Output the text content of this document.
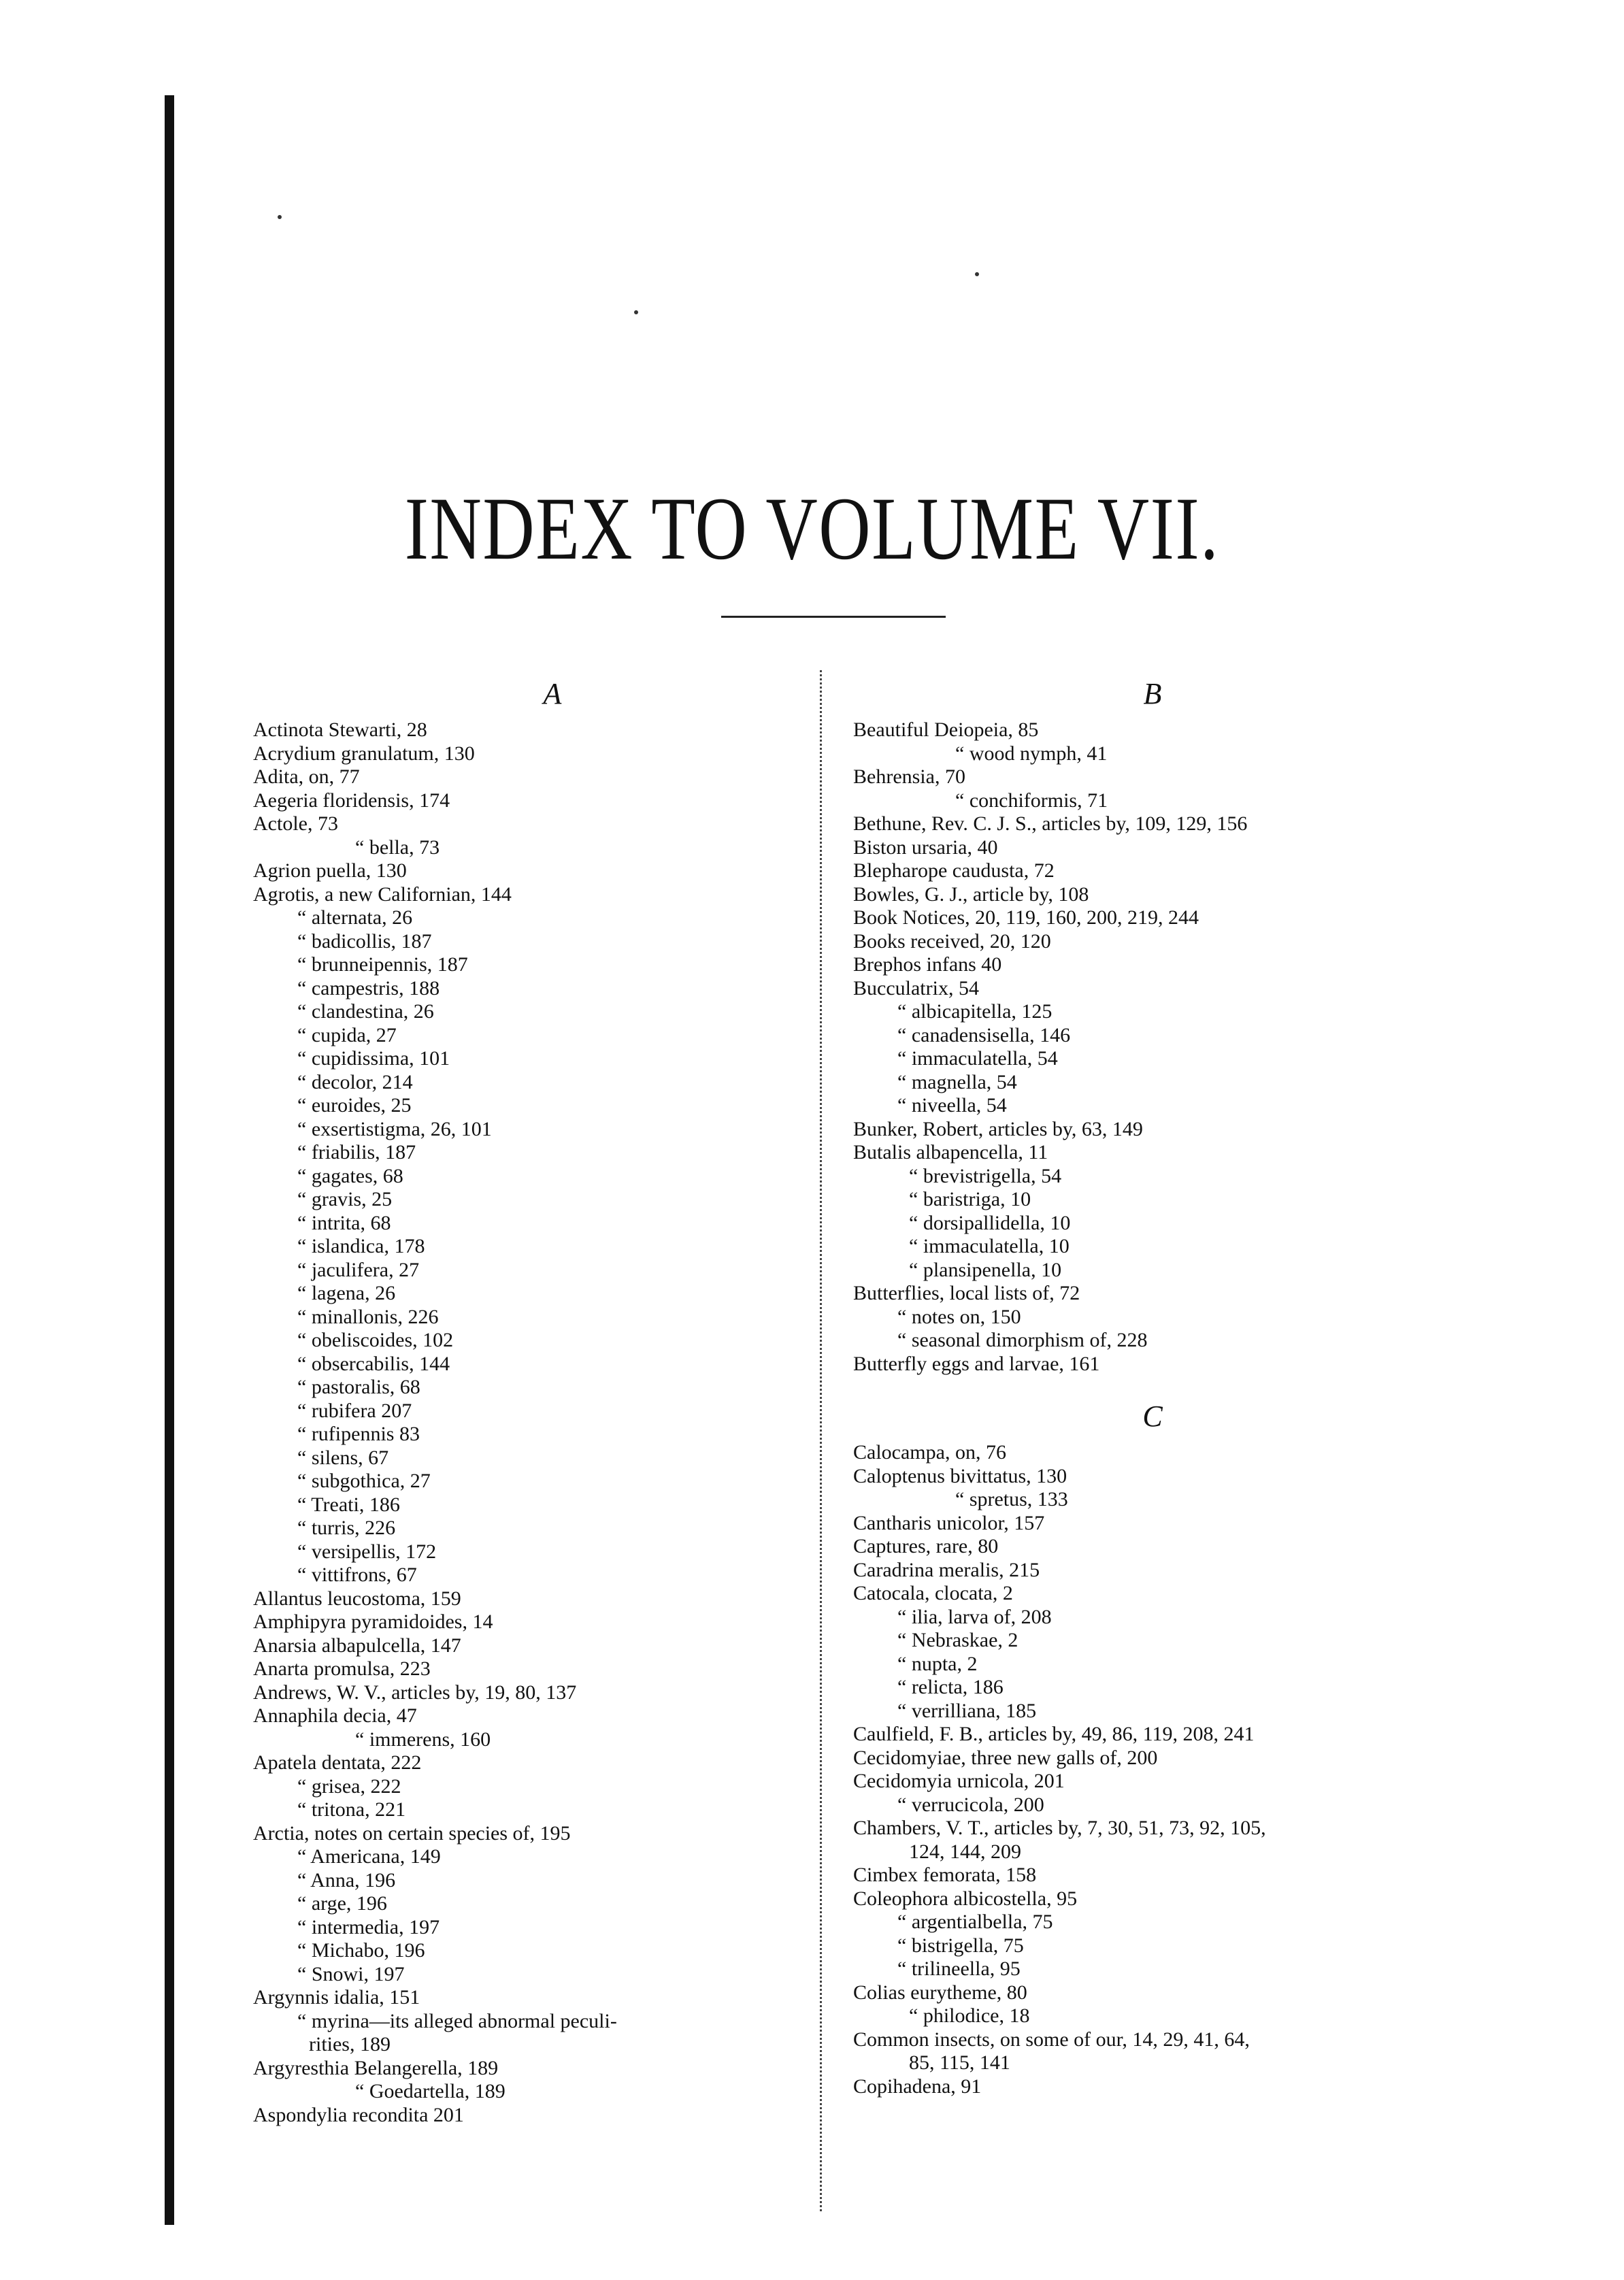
INDEX TO VOLUME VII.
A
Actinota Stewarti, 28
Acrydium granulatum, 130
Adita, on, 77
Aegeria floridensis, 174
Actole, 73
“ bella, 73
Agrion puella, 130
Agrotis, a new Californian, 144
“ alternata, 26
“ badicollis, 187
“ brunneipennis, 187
“ campestris, 188
“ clandestina, 26
“ cupida, 27
“ cupidissima, 101
“ decolor, 214
“ euroides, 25
“ exsertistigma, 26, 101
“ friabilis, 187
“ gagates, 68
“ gravis, 25
“ intrita, 68
“ islandica, 178
“ jaculifera, 27
“ lagena, 26
“ minallonis, 226
“ obeliscoides, 102
“ obsercabilis, 144
“ pastoralis, 68
“ rubifera 207
“ rufipennis 83
“ silens, 67
“ subgothica, 27
“ Treati, 186
“ turris, 226
“ versipellis, 172
“ vittifrons, 67
Allantus leucostoma, 159
Amphipyra pyramidoides, 14
Anarsia albapulcella, 147
Anarta promulsa, 223
Andrews, W. V., articles by, 19, 80, 137
Annaphila decia, 47
“ immerens, 160
Apatela dentata, 222
“ grisea, 222
“ tritona, 221
Arctia, notes on certain species of, 195
“ Americana, 149
“ Anna, 196
“ arge, 196
“ intermedia, 197
“ Michabo, 196
“ Snowi, 197
Argynnis idalia, 151
“ myrina—its alleged abnormal peculi-
rities, 189
Argyresthia Belangerella, 189
“ Goedartella, 189
Aspondylia recondita 201
B
Beautiful Deiopeia, 85
“ wood nymph, 41
Behrensia, 70
“ conchiformis, 71
Bethune, Rev. C. J. S., articles by, 109, 129, 156
Biston ursaria, 40
Blepharope caudusta, 72
Bowles, G. J., article by, 108
Book Notices, 20, 119, 160, 200, 219, 244
Books received, 20, 120
Brephos infans 40
Bucculatrix, 54
“ albicapitella, 125
“ canadensisella, 146
“ immaculatella, 54
“ magnella, 54
“ niveella, 54
Bunker, Robert, articles by, 63, 149
Butalis albapencella, 11
“ brevistrigella, 54
“ baristriga, 10
“ dorsipallidella, 10
“ immaculatella, 10
“ plansipenella, 10
Butterflies, local lists of, 72
“ notes on, 150
“ seasonal dimorphism of, 228
Butterfly eggs and larvae, 161
C
Calocampa, on, 76
Caloptenus bivittatus, 130
“ spretus, 133
Cantharis unicolor, 157
Captures, rare, 80
Caradrina meralis, 215
Catocala, clocata, 2
“ ilia, larva of, 208
“ Nebraskae, 2
“ nupta, 2
“ relicta, 186
“ verrilliana, 185
Caulfield, F. B., articles by, 49, 86, 119, 208, 241
Cecidomyiae, three new galls of, 200
Cecidomyia urnicola, 201
“ verrucicola, 200
Chambers, V. T., articles by, 7, 30, 51, 73, 92, 105,
124, 144, 209
Cimbex femorata, 158
Coleophora albicostella, 95
“ argentialbella, 75
“ bistrigella, 75
“ trilineella, 95
Colias eurytheme, 80
“ philodice, 18
Common insects, on some of our, 14, 29, 41, 64,
85, 115, 141
Copihadena, 91
